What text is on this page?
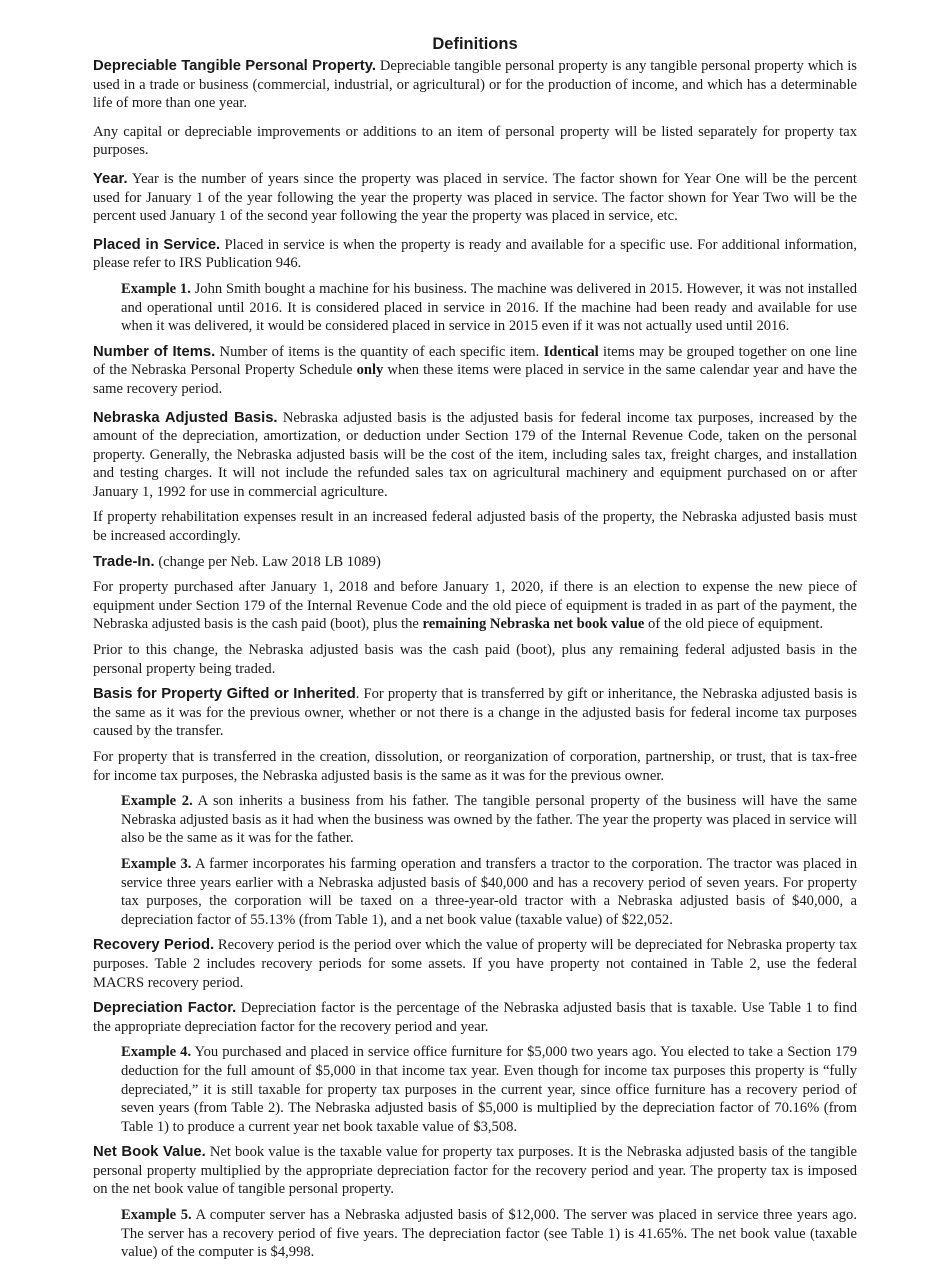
Definitions

Depreciable Tangible Personal Property. Depreciable tangible personal property is any tangible personal property which is used in a trade or business (commercial, industrial, or agricultural) or for the production of income, and which has a determinable life of more than one year.

Any capital or depreciable improvements or additions to an item of personal property will be listed separately for property tax purposes.

Year. Year is the number of years since the property was placed in service. The factor shown for Year One will be the percent used for January 1 of the year following the year the property was placed in service. The factor shown for Year Two will be the percent used January 1 of the second year following the year the property was placed in service, etc.

Placed in Service. Placed in service is when the property is ready and available for a specific use. For additional information, please refer to IRS Publication 946.

Example 1. John Smith bought a machine for his business. The machine was delivered in 2015. However, it was not installed and operational until 2016. It is considered placed in service in 2016. If the machine had been ready and available for use when it was delivered, it would be considered placed in service in 2015 even if it was not actually used until 2016.

Number of Items. Number of items is the quantity of each specific item. Identical items may be grouped together on one line of the Nebraska Personal Property Schedule only when these items were placed in service in the same calendar year and have the same recovery period.

Nebraska Adjusted Basis. Nebraska adjusted basis is the adjusted basis for federal income tax purposes, increased by the amount of the depreciation, amortization, or deduction under Section 179 of the Internal Revenue Code, taken on the personal property. Generally, the Nebraska adjusted basis will be the cost of the item, including sales tax, freight charges, and installation and testing charges. It will not include the refunded sales tax on agricultural machinery and equipment purchased on or after January 1, 1992 for use in commercial agriculture.

If property rehabilitation expenses result in an increased federal adjusted basis of the property, the Nebraska adjusted basis must be increased accordingly.

Trade-In. (change per Neb. Law 2018 LB 1089)

For property purchased after January 1, 2018 and before January 1, 2020, if there is an election to expense the new piece of equipment under Section 179 of the Internal Revenue Code and the old piece of equipment is traded in as part of the payment, the Nebraska adjusted basis is the cash paid (boot), plus the remaining Nebraska net book value of the old piece of equipment.

Prior to this change, the Nebraska adjusted basis was the cash paid (boot), plus any remaining federal adjusted basis in the personal property being traded.

Basis for Property Gifted or Inherited. For property that is transferred by gift or inheritance, the Nebraska adjusted basis is the same as it was for the previous owner, whether or not there is a change in the adjusted basis for federal income tax purposes caused by the transfer.

For property that is transferred in the creation, dissolution, or reorganization of corporation, partnership, or trust, that is tax-free for income tax purposes, the Nebraska adjusted basis is the same as it was for the previous owner.

Example 2. A son inherits a business from his father. The tangible personal property of the business will have the same Nebraska adjusted basis as it had when the business was owned by the father. The year the property was placed in service will also be the same as it was for the father.

Example 3. A farmer incorporates his farming operation and transfers a tractor to the corporation. The tractor was placed in service three years earlier with a Nebraska adjusted basis of $40,000 and has a recovery period of seven years. For property tax purposes, the corporation will be taxed on a three-year-old tractor with a Nebraska adjusted basis of $40,000, a depreciation factor of 55.13% (from Table 1), and a net book value (taxable value) of $22,052.

Recovery Period. Recovery period is the period over which the value of property will be depreciated for Nebraska property tax purposes. Table 2 includes recovery periods for some assets. If you have property not contained in Table 2, use the federal MACRS recovery period.

Depreciation Factor. Depreciation factor is the percentage of the Nebraska adjusted basis that is taxable. Use Table 1 to find the appropriate depreciation factor for the recovery period and year.

Example 4. You purchased and placed in service office furniture for $5,000 two years ago. You elected to take a Section 179 deduction for the full amount of $5,000 in that income tax year. Even though for income tax purposes this property is “fully depreciated,” it is still taxable for property tax purposes in the current year, since office furniture has a recovery period of seven years (from Table 2). The Nebraska adjusted basis of $5,000 is multiplied by the depreciation factor of 70.16% (from Table 1) to produce a current year net book taxable value of $3,508.

Net Book Value. Net book value is the taxable value for property tax purposes. It is the Nebraska adjusted basis of the tangible personal property multiplied by the appropriate depreciation factor for the recovery period and year. The property tax is imposed on the net book value of tangible personal property.

Example 5. A computer server has a Nebraska adjusted basis of $12,000. The server was placed in service three years ago. The server has a recovery period of five years. The depreciation factor (see Table 1) is 41.65%. The net book value (taxable value) of the computer is $4,998.
